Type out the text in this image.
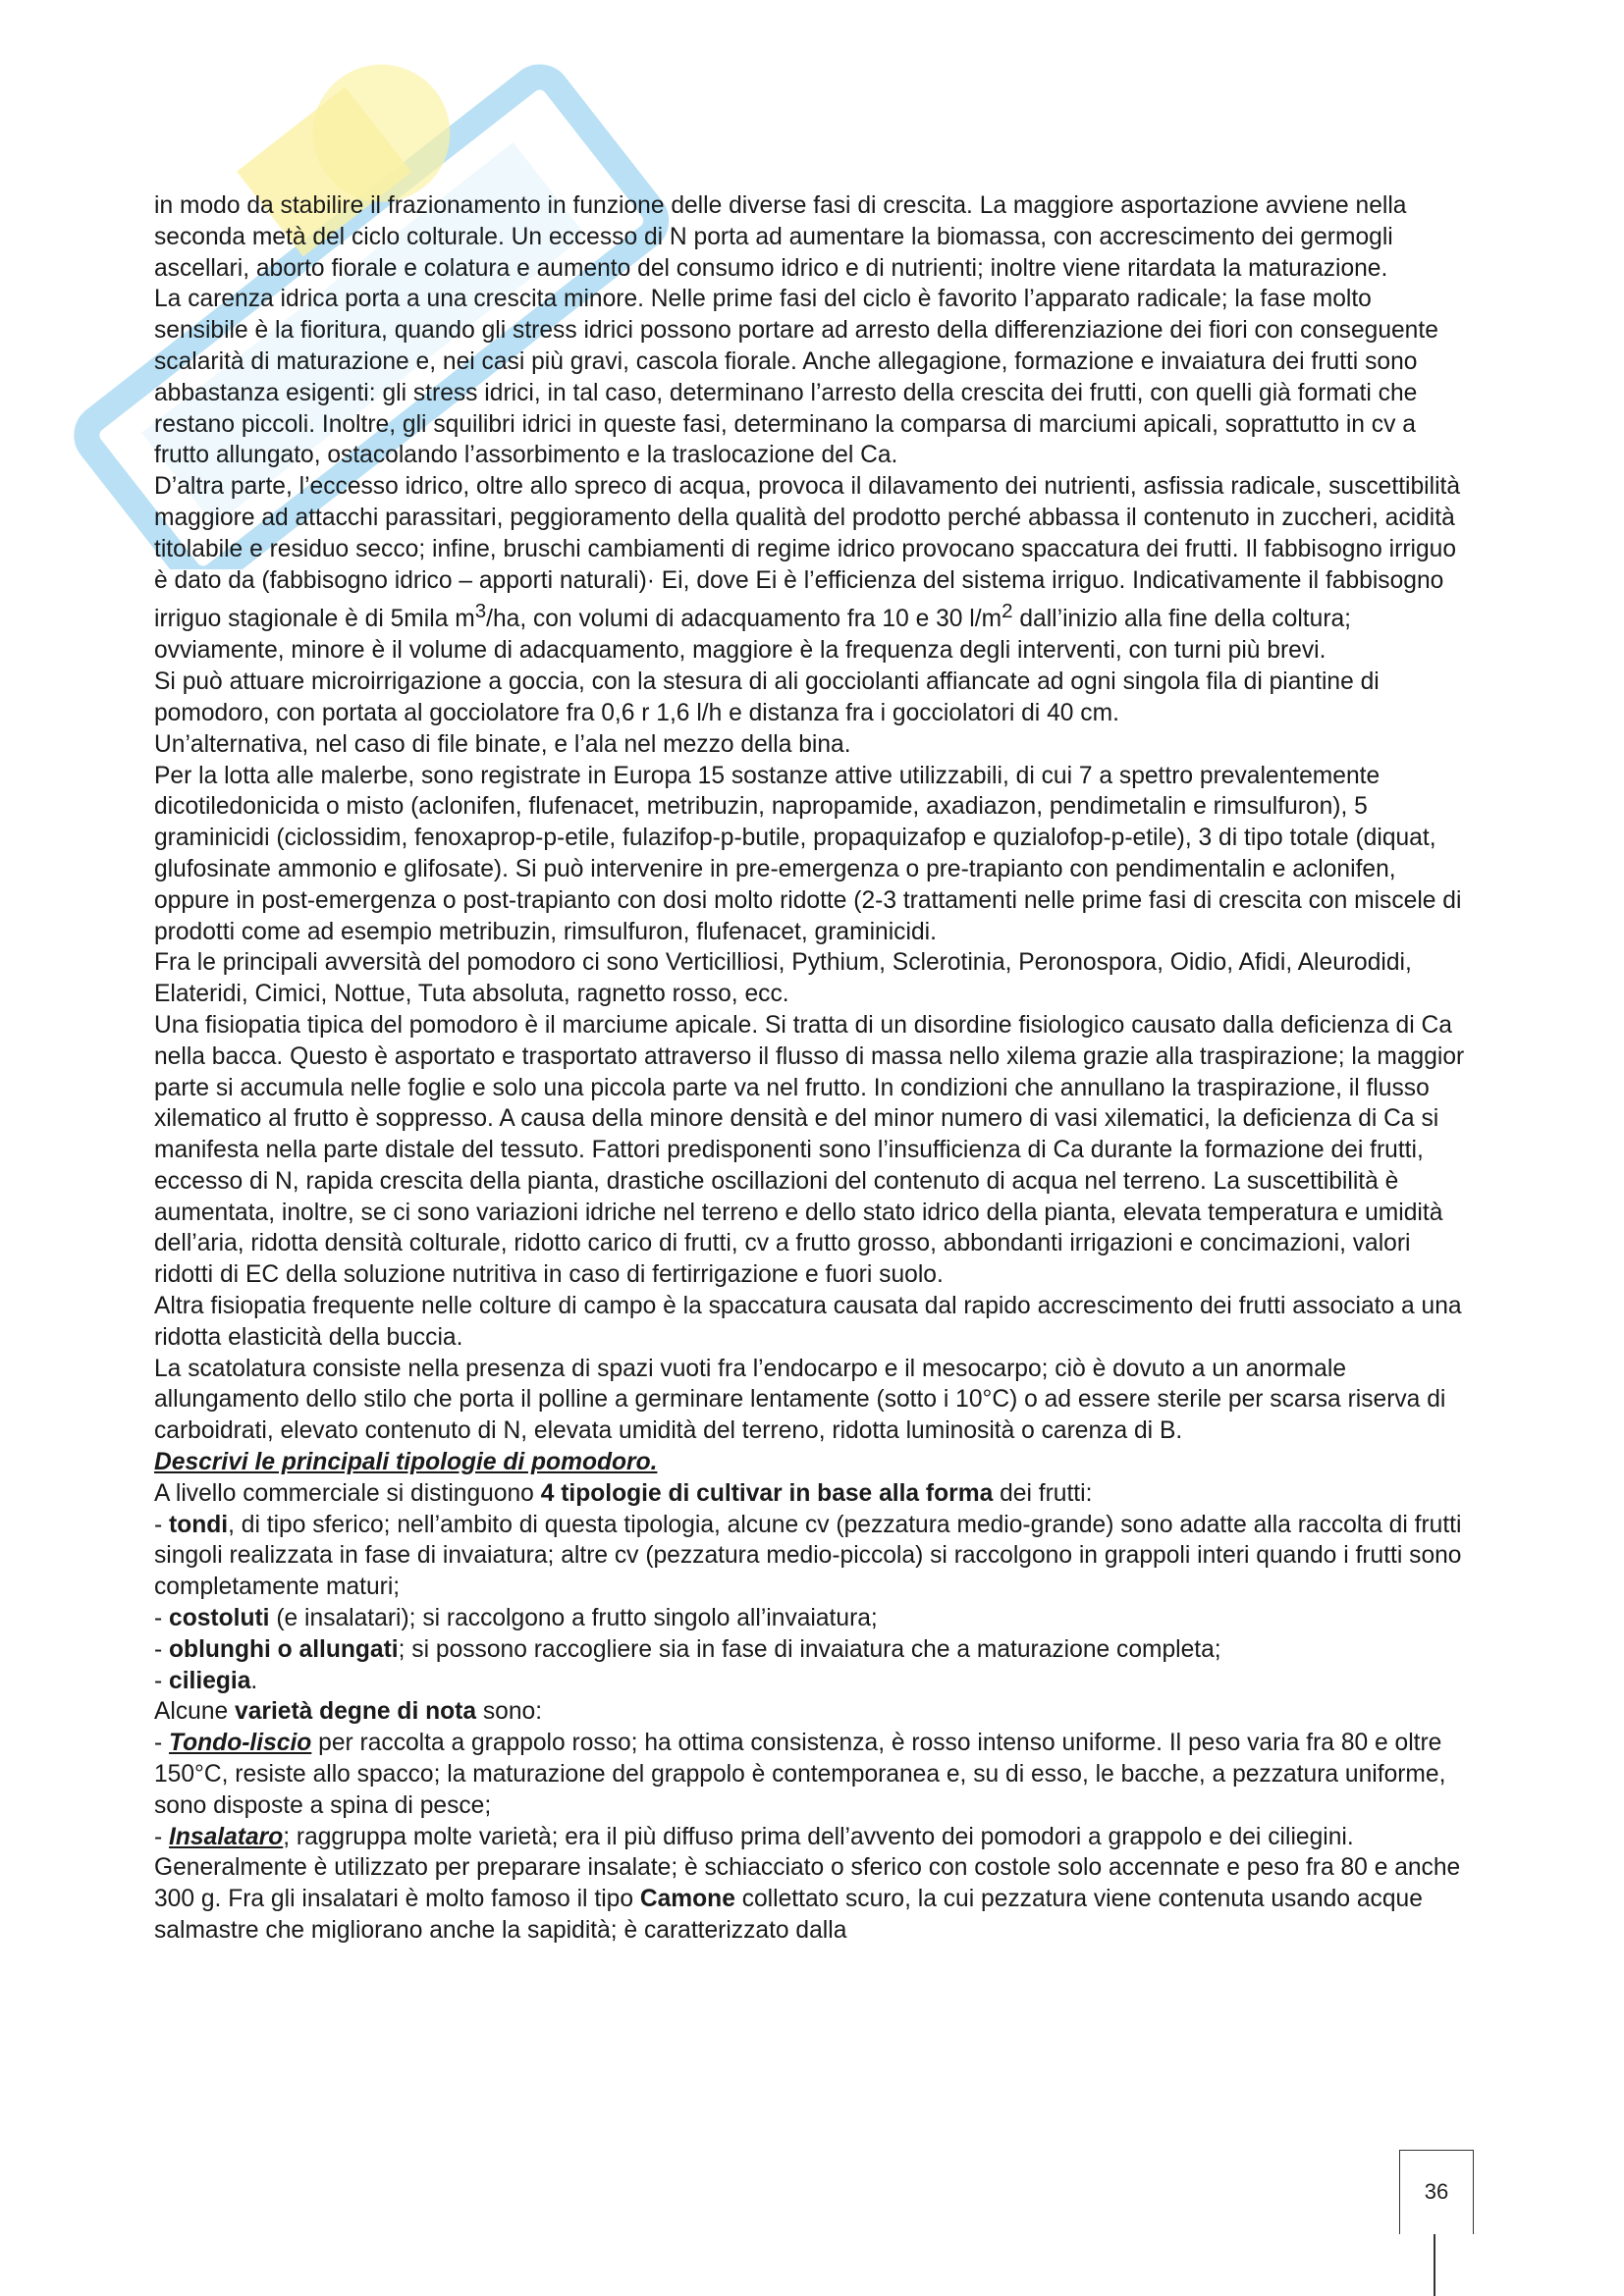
in modo da stabilire il frazionamento in funzione delle diverse fasi di crescita. La maggiore asportazione avviene nella seconda metà del ciclo colturale. Un eccesso di N porta ad aumentare la biomassa, con accrescimento dei germogli ascellari, aborto fiorale e colatura e aumento del consumo idrico e di nutrienti; inoltre viene ritardata la maturazione.

La carenza idrica porta a una crescita minore. Nelle prime fasi del ciclo è favorito l’apparato radicale; la fase molto sensibile è la fioritura, quando gli stress idrici possono portare ad arresto della differenziazione dei fiori con conseguente scalarità di maturazione e, nei casi più gravi, cascola fiorale. Anche allegagione, formazione e invaiatura dei frutti sono abbastanza esigenti: gli stress idrici, in tal caso, determinano l’arresto della crescita dei frutti, con quelli già formati che restano piccoli. Inoltre, gli squilibri idrici in queste fasi, determinano la comparsa di marciumi apicali, soprattutto in cv a frutto allungato, ostacolando l’assorbimento e la traslocazione del Ca.

D’altra parte, l’eccesso idrico, oltre allo spreco di acqua, provoca il dilavamento dei nutrienti, asfissia radicale, suscettibilità maggiore ad attacchi parassitari, peggioramento della qualità del prodotto perché abbassa il contenuto in zuccheri, acidità titolabile e residuo secco; infine, bruschi cambiamenti di regime idrico provocano spaccatura dei frutti. Il fabbisogno irriguo è dato da (fabbisogno idrico – apporti naturali)· Ei, dove Ei è l’efficienza del sistema irriguo. Indicativamente il fabbisogno irriguo stagionale è di 5mila $m^3/ha$, con volumi di adacquamento fra 10 e 30 $l/m^2$ dall’inizio alla fine della coltura; ovviamente, minore è il volume di adacquamento, maggiore è la frequenza degli interventi, con turni più brevi.

Si può attuare microirrigazione a goccia, con la stesura di ali gocciolanti affiancate ad ogni singola fila di piantine di pomodoro, con portata al gocciolatore fra 0,6 r 1,6 l/h e distanza fra i gocciolatori di 40 cm.

Un’alternativa, nel caso di file binate, e l’ala nel mezzo della bina.

Per la lotta alle malerbe, sono registrate in Europa 15 sostanze attive utilizzabili, di cui 7 a spettro prevalentemente dicotiledonicida o misto (aclonifen, flufenacet, metribuzin, napropamide, axadiazon, pendimetalin e rimsulfuron), 5 graminicidi (ciclossidim, fenoxaprop-p-etile, fulazifop-p-butile, propaquizafop e quzialofop-p-etile), 3 di tipo totale (diquat, glufosinate ammonio e glifosate). Si può intervenire in pre-emergenza o pre-trapianto con pendimentalin e aclonifen, oppure in post-emergenza o post-trapianto con dosi molto ridotte (2-3 trattamenti nelle prime fasi di crescita con miscele di prodotti come ad esempio metribuzin, rimsulfuron, flufenacet, graminicidi.

Fra le principali avversità del pomodoro ci sono Verticilliosi, Pythium, Sclerotinia, Peronospora, Oidio, Afidi, Aleurodidi, Elateridi, Cimici, Nottue, Tuta absoluta, ragnetto rosso, ecc.

Una fisiopatia tipica del pomodoro è il marciume apicale. Si tratta di un disordine fisiologico causato dalla deficienza di Ca nella bacca. Questo è asportato e trasportato attraverso il flusso di massa nello xilema grazie alla traspirazione; la maggior parte si accumula nelle foglie e solo una piccola parte va nel frutto. In condizioni che annullano la traspirazione, il flusso xilematico al frutto è soppresso. A causa della minore densità e del minor numero di vasi xilematici, la deficienza di Ca si manifesta nella parte distale del tessuto. Fattori predisponenti sono l’insufficienza di Ca durante la formazione dei frutti, eccesso di N, rapida crescita della pianta, drastiche oscillazioni del contenuto di acqua nel terreno. La suscettibilità è aumentata, inoltre, se ci sono variazioni idriche nel terreno e dello stato idrico della pianta, elevata temperatura e umidità dell’aria, ridotta densità colturale, ridotto carico di frutti, cv a frutto grosso, abbondanti irrigazioni e concimazioni, valori ridotti di EC della soluzione nutritiva in caso di fertirrigazione e fuori suolo.

Altra fisiopatia frequente nelle colture di campo è la spaccatura causata dal rapido accrescimento dei frutti associato a una ridotta elasticità della buccia.

La scatolatura consiste nella presenza di spazi vuoti fra l’endocarpo e il mesocarpo; ciò è dovuto a un anormale allungamento dello stilo che porta il polline a germinare lentamente (sotto i 10°C) o ad essere sterile per scarsa riserva di carboidrati, elevato contenuto di N, elevata umidità del terreno, ridotta luminosità o carenza di B.

Descrivi le principali tipologie di pomodoro.

A livello commerciale si distinguono 4 tipologie di cultivar in base alla forma dei frutti:

- tondi, di tipo sferico; nell’ambito di questa tipologia, alcune cv (pezzatura medio-grande) sono adatte alla raccolta di frutti singoli realizzata in fase di invaiatura; altre cv (pezzatura medio-piccola) si raccolgono in grappoli interi quando i frutti sono completamente maturi;

- costoluti (e insalatari); si raccolgono a frutto singolo all’invaiatura;

- oblunghi o allungati; si possono raccogliere sia in fase di invaiatura che a maturazione completa;

- ciliegia.

Alcune varietà degne di nota sono:

- Tondo-liscio per raccolta a grappolo rosso; ha ottima consistenza, è rosso intenso uniforme. Il peso varia fra 80 e oltre 150°C, resiste allo spacco; la maturazione del grappolo è contemporanea e, su di esso, le bacche, a pezzatura uniforme, sono disposte a spina di pesce;

- Insalataro; raggruppa molte varietà; era il più diffuso prima dell’avvento dei pomodori a grappolo e dei ciliegini. Generalmente è utilizzato per preparare insalate; è schiacciato o sferico con costole solo accennate e peso fra 80 e anche 300 g. Fra gli insalatari è molto famoso il tipo Camone collettato scuro, la cui pezzatura viene contenuta usando acque salmastre che migliorano anche la sapidità; è caratterizzato dalla

36
